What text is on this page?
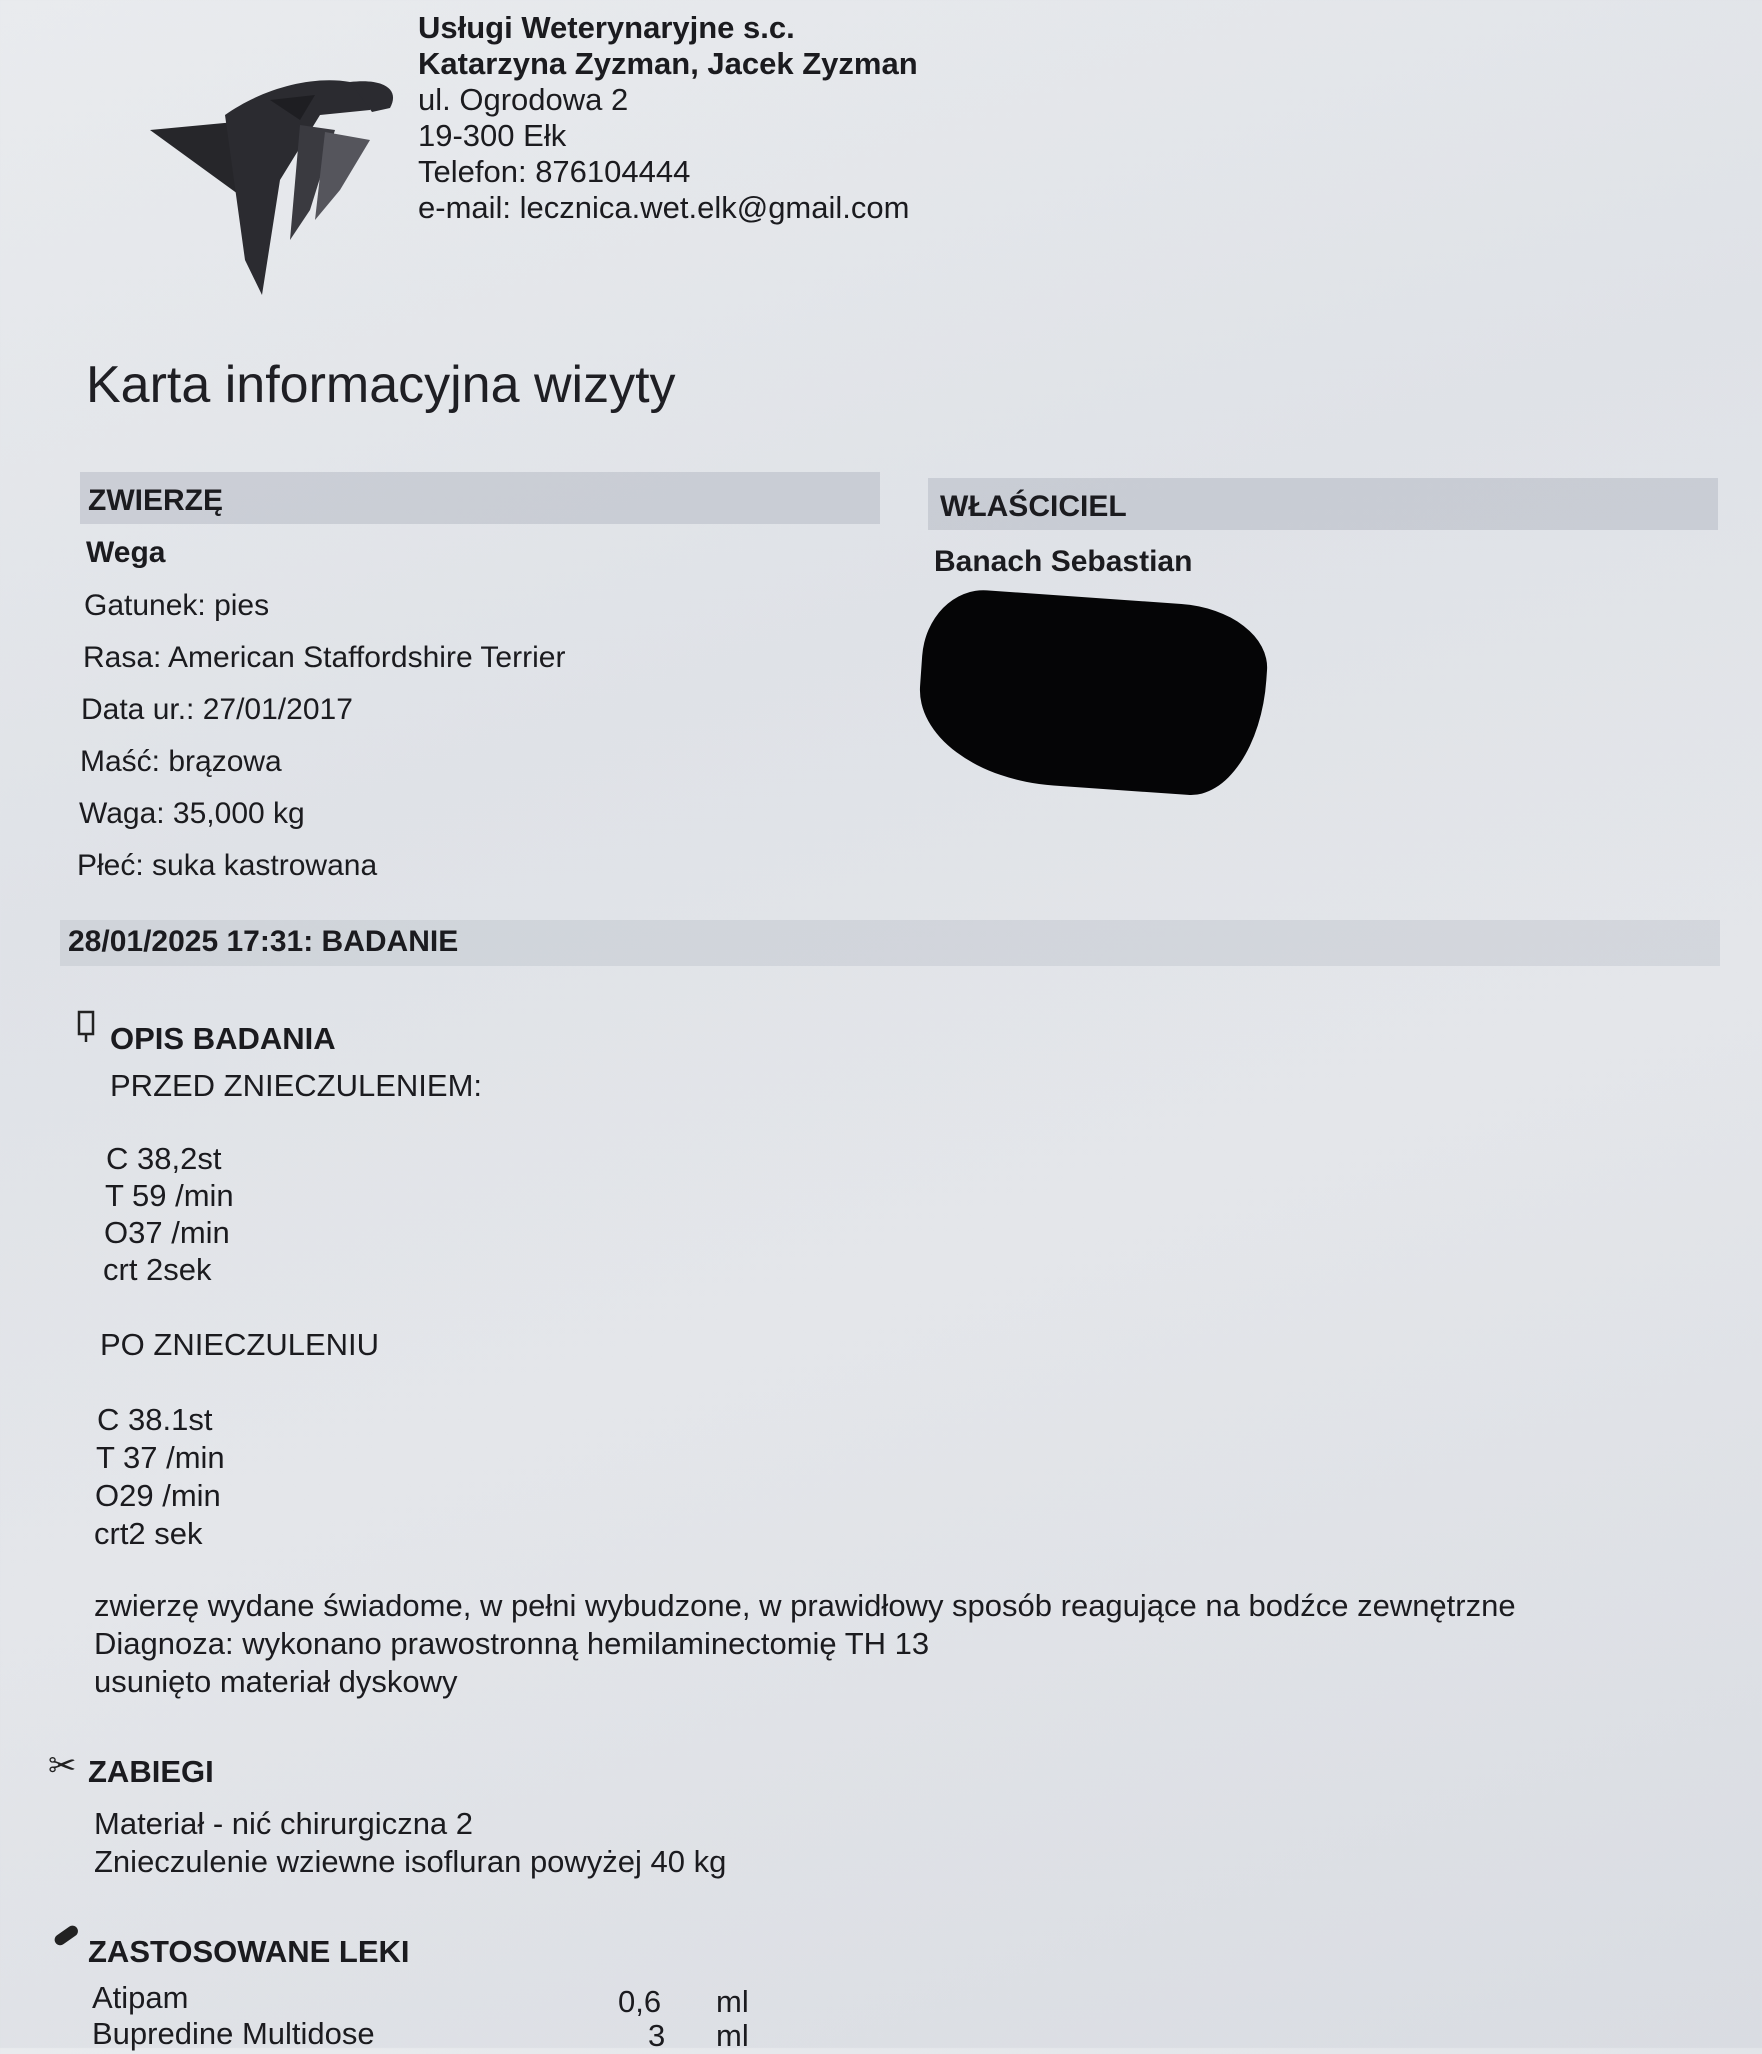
Usługi Weterynaryjne s.c.
Katarzyna Zyzman, Jacek Zyzman
ul. Ogrodowa 2
19-300 Ełk
Telefon: 876104444
e-mail: lecznica.wet.elk@gmail.com
Karta informacyjna wizyty
ZWIERZĘ
Wega
Gatunek: pies
Rasa: American Staffordshire Terrier
Data ur.: 27/01/2017
Maść: brązowa
Waga: 35,000 kg
Płeć: suka kastrowana
WŁAŚCICIEL
Banach Sebastian
28/01/2025 17:31: BADANIE
OPIS BADANIA
PRZED ZNIECZULENIEM:
C 38,2st
T 59 /min
O37 /min
crt 2sek
PO ZNIECZULENIU
C 38.1st
T 37 /min
O29 /min
crt2 sek
zwierzę wydane świadome, w pełni wybudzone, w prawidłowy sposób reagujące na bodźce zewnętrzne
Diagnoza: wykonano prawostronną hemilaminectomię TH 13
usunięto materiał dyskowy
✂ ZABIEGI
Materiał - nić chirurgiczna 2
Znieczulenie wziewne isofluran powyżej 40 kg
ZASTOSOWANE LEKI
Atipam	0,6 ml
Bupredine Multidose	3 ml
